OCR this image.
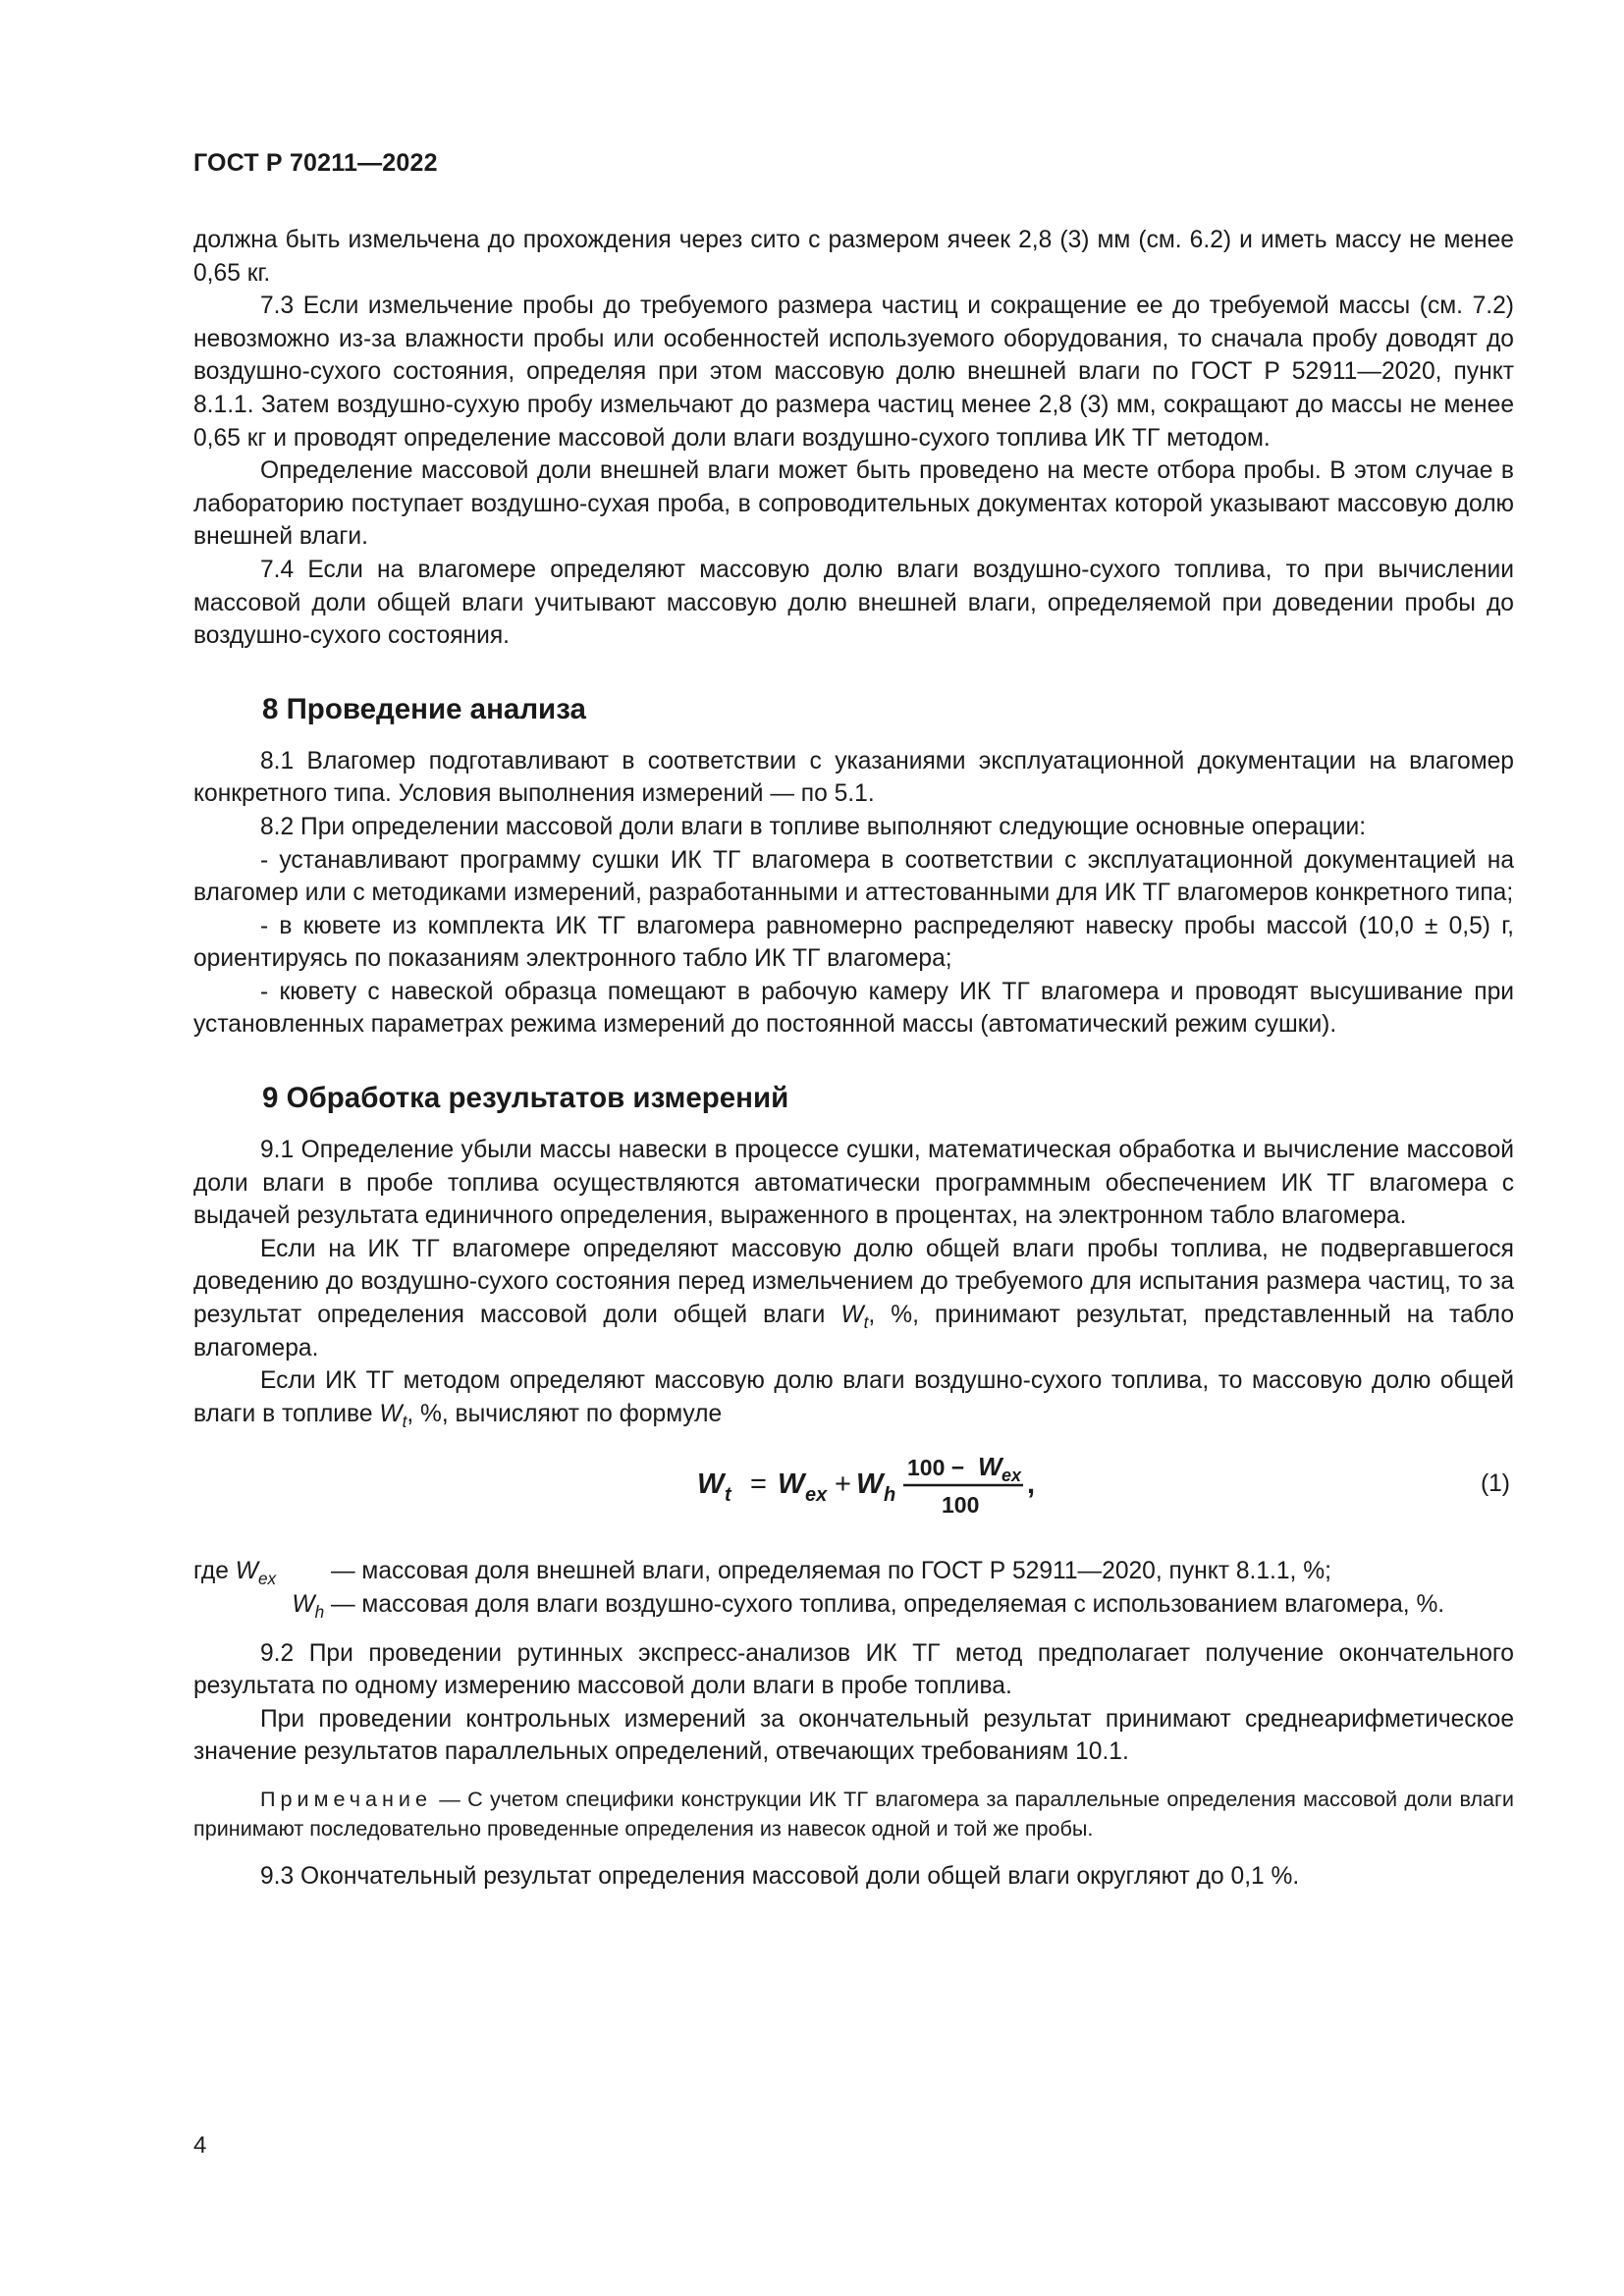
ГОСТ Р 70211—2022

должна быть измельчена до прохождения через сито с размером ячеек 2,8 (3) мм (см. 6.2) и иметь массу не менее 0,65 кг.

7.3 Если измельчение пробы до требуемого размера частиц и сокращение ее до требуемой массы (см. 7.2) невозможно из-за влажности пробы или особенностей используемого оборудования, то сначала пробу доводят до воздушно-сухого состояния, определяя при этом массовую долю внешней влаги по ГОСТ Р 52911—2020, пункт 8.1.1. Затем воздушно-сухую пробу измельчают до размера частиц менее 2,8 (3) мм, сокращают до массы не менее 0,65 кг и проводят определение массовой доли влаги воздушно-сухого топлива ИК ТГ методом.

Определение массовой доли внешней влаги может быть проведено на месте отбора пробы. В этом случае в лабораторию поступает воздушно-сухая проба, в сопроводительных документах которой указывают массовую долю внешней влаги.

7.4 Если на влагомере определяют массовую долю влаги воздушно-сухого топлива, то при вычислении массовой доли общей влаги учитывают массовую долю внешней влаги, определяемой при доведении пробы до воздушно-сухого состояния.

8 Проведение анализа

8.1 Влагомер подготавливают в соответствии с указаниями эксплуатационной документации на влагомер конкретного типа. Условия выполнения измерений — по 5.1.

8.2 При определении массовой доли влаги в топливе выполняют следующие основные операции:

- устанавливают программу сушки ИК ТГ влагомера в соответствии с эксплуатационной документацией на влагомер или с методиками измерений, разработанными и аттестованными для ИК ТГ влагомеров конкретного типа;

- в кювете из комплекта ИК ТГ влагомера равномерно распределяют навеску пробы массой (10,0 ± 0,5) г, ориентируясь по показаниям электронного табло ИК ТГ влагомера;

- кювету с навеской образца помещают в рабочую камеру ИК ТГ влагомера и проводят высушивание при установленных параметрах режима измерений до постоянной массы (автоматический режим сушки).

9 Обработка результатов измерений

9.1 Определение убыли массы навески в процессе сушки, математическая обработка и вычисление массовой доли влаги в пробе топлива осуществляются автоматически программным обеспечением ИК ТГ влагомера с выдачей результата единичного определения, выраженного в процентах, на электронном табло влагомера.

Если на ИК ТГ влагомере определяют массовую долю общей влаги пробы топлива, не подвергавшегося доведению до воздушно-сухого состояния перед измельчением до требуемого для испытания размера частиц, то за результат определения массовой доли общей влаги $W_t$, %, принимают результат, представленный на табло влагомера.

Если ИК ТГ методом определяют массовую долю влаги воздушно-сухого топлива, то массовую долю общей влаги в топливе $W_t$, %, вычисляют по формуле

W t = W ex + W h
100 − W ex
100
,	(1)
где $W_{ex}$	— массовая доля внешней влаги, определяемая по ГОСТ Р 52911—2020, пункт 8.1.1, %;
$W_h$ — массовая доля влаги воздушно-сухого топлива, определяемая с использованием влагомера, %.

9.2 При проведении рутинных экспресс-анализов ИК ТГ метод предполагает получение окончательного результата по одному измерению массовой доли влаги в пробе топлива.

При проведении контрольных измерений за окончательный результат принимают среднеарифметическое значение результатов параллельных определений, отвечающих требованиям 10.1.

Примечание — С учетом специфики конструкции ИК ТГ влагомера за параллельные определения массовой доли влаги принимают последовательно проведенные определения из навесок одной и той же пробы.

9.3 Окончательный результат определения массовой доли общей влаги округляют до 0,1 %.

4
